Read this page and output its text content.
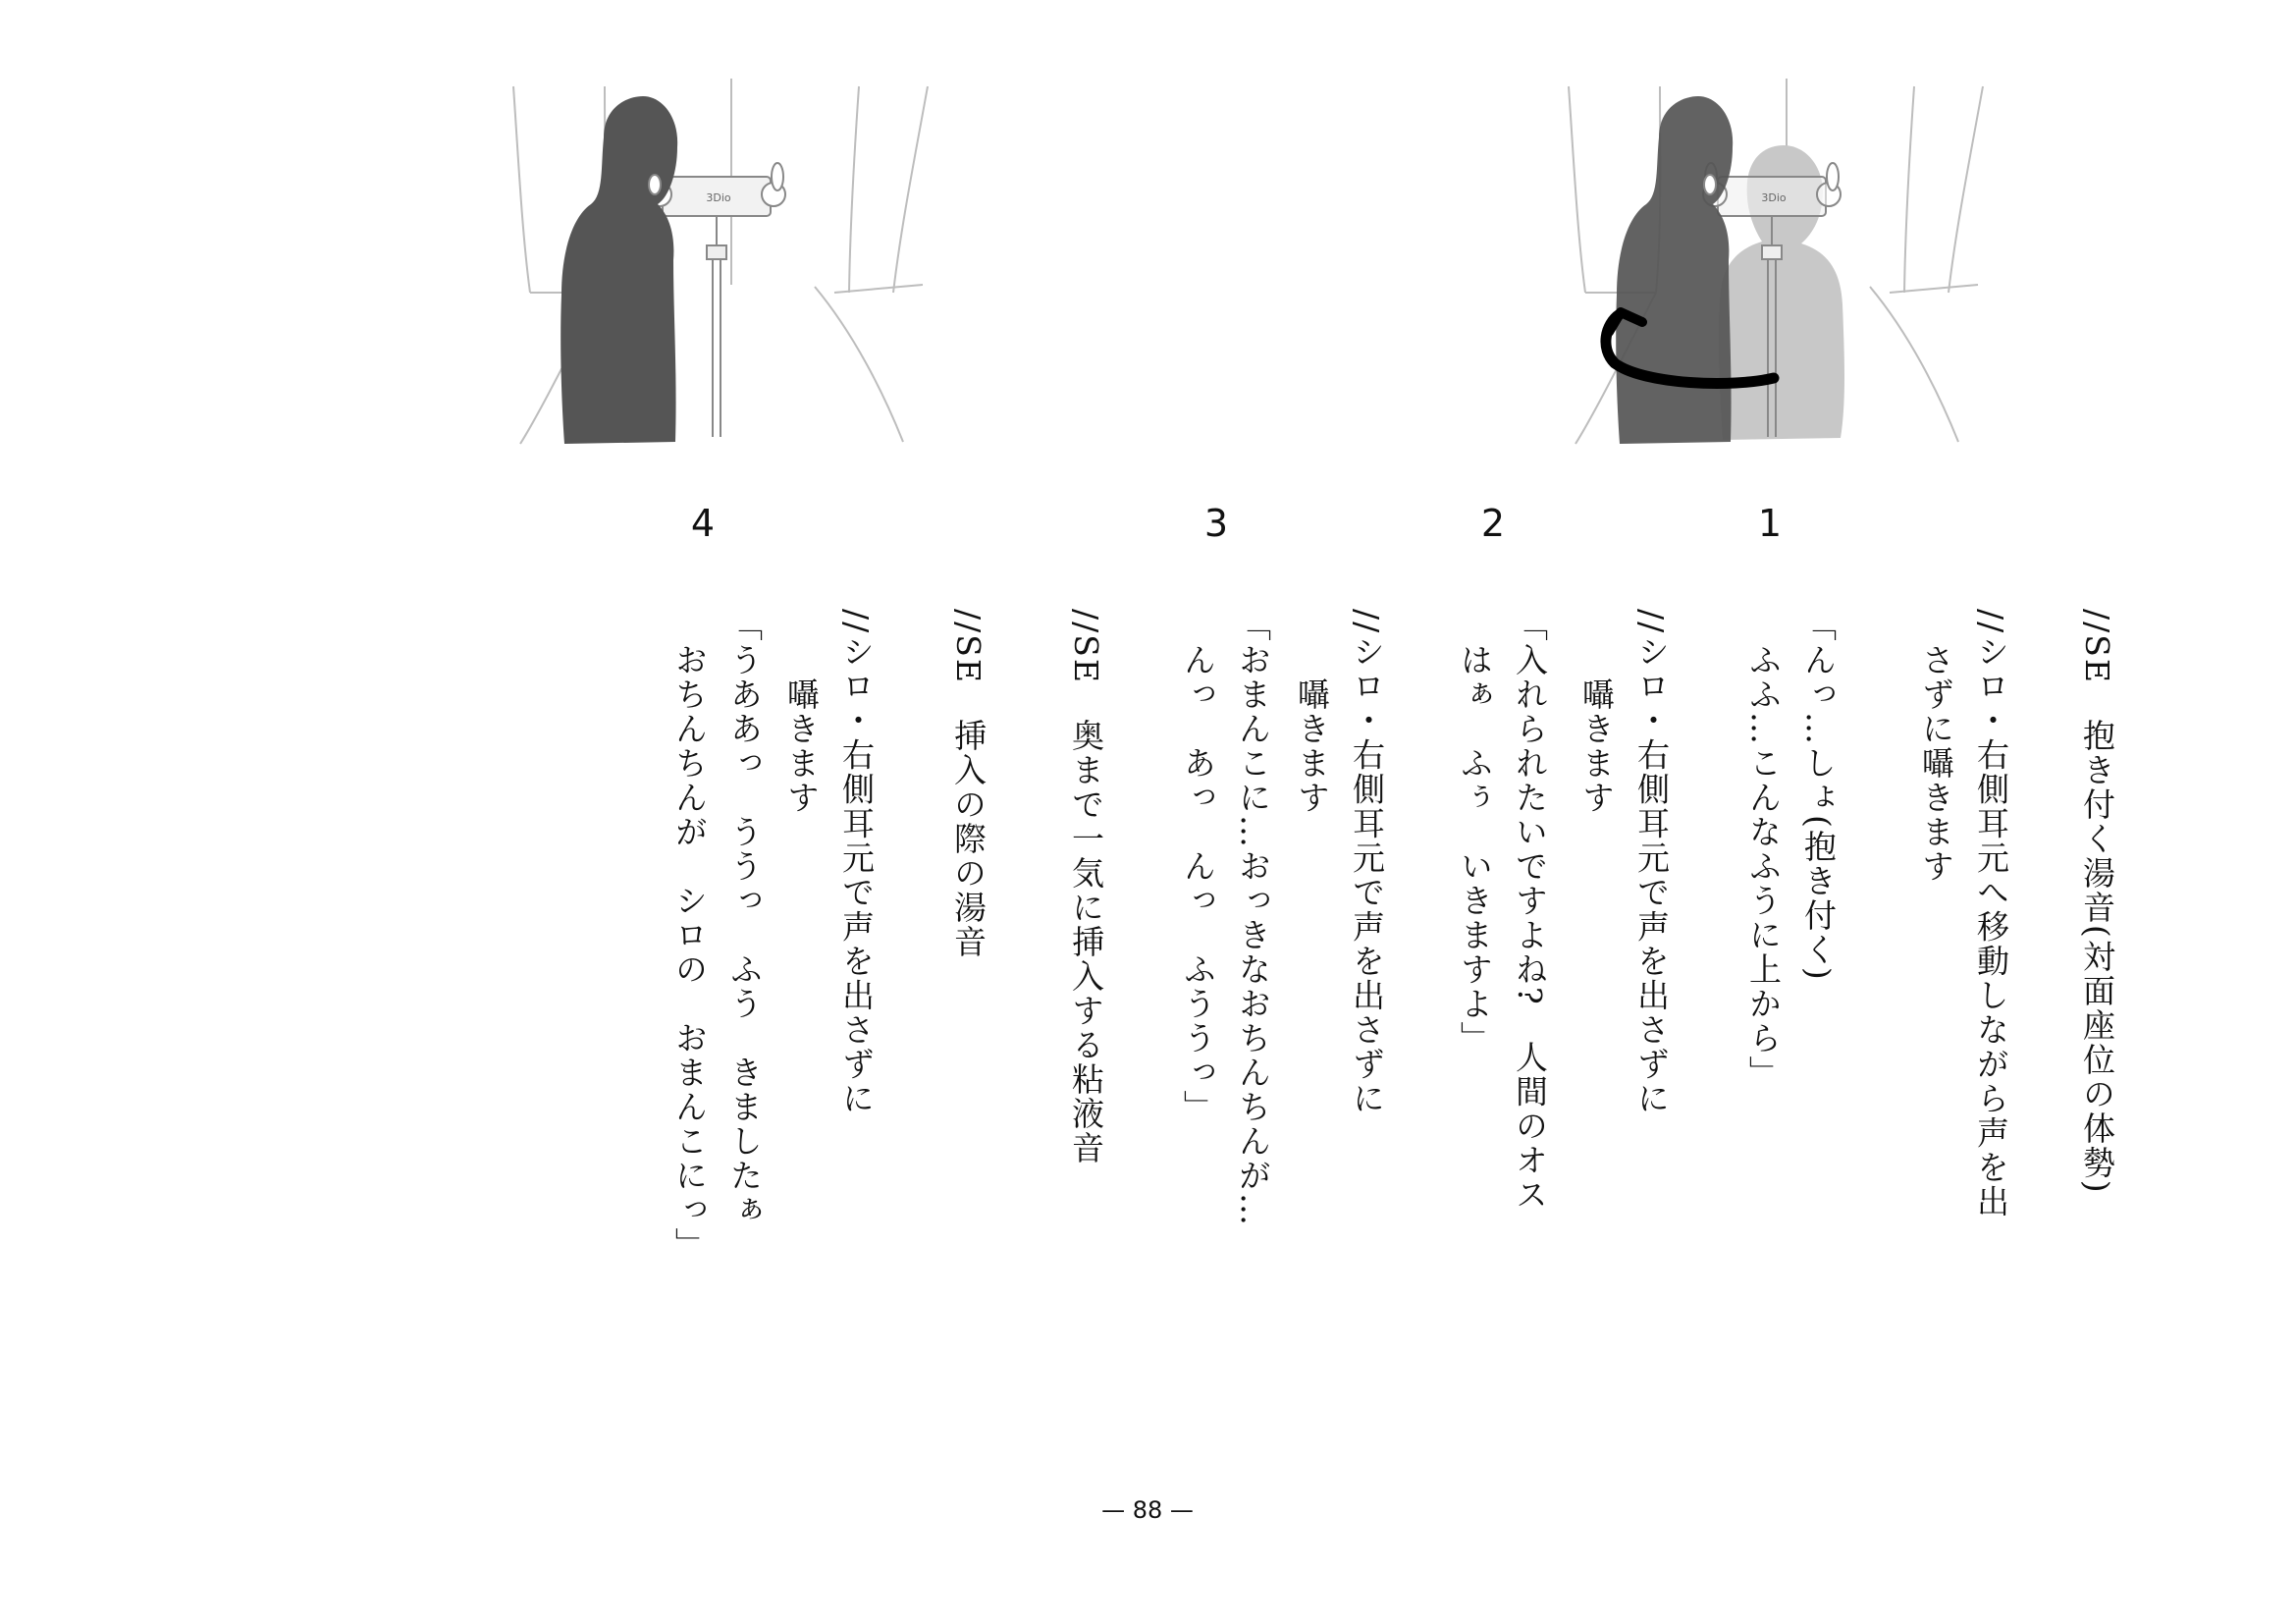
3Dio	3Dio
1
2
3
4
//SE　抱き付く湯音(対面座位の体勢)
//シロ・右側耳元へ移動しながら声を出
　さずに囁きます
「んっ…しょ(抱き付く)
　ふふ…こんなふうに上から」
//シロ・右側耳元で声を出さずに
　　囁きます
「入れられたいですよね?　人間のオス
　はぁ　ふぅ　いきますよ」
//シロ・右側耳元で声を出さずに
　　囁きます
「おまんこに…おっきなおちんちんが…
　んっ　あっ　んっ　ふううっ」
//SE　奥まで一気に挿入する粘液音
//SE　挿入の際の湯音
//シロ・右側耳元で声を出さずに
　　囁きます
「うああっ　ううっ　ふう　きましたぁ
　おちんちんが　シロの　おまんこにっ」
— 88 —
